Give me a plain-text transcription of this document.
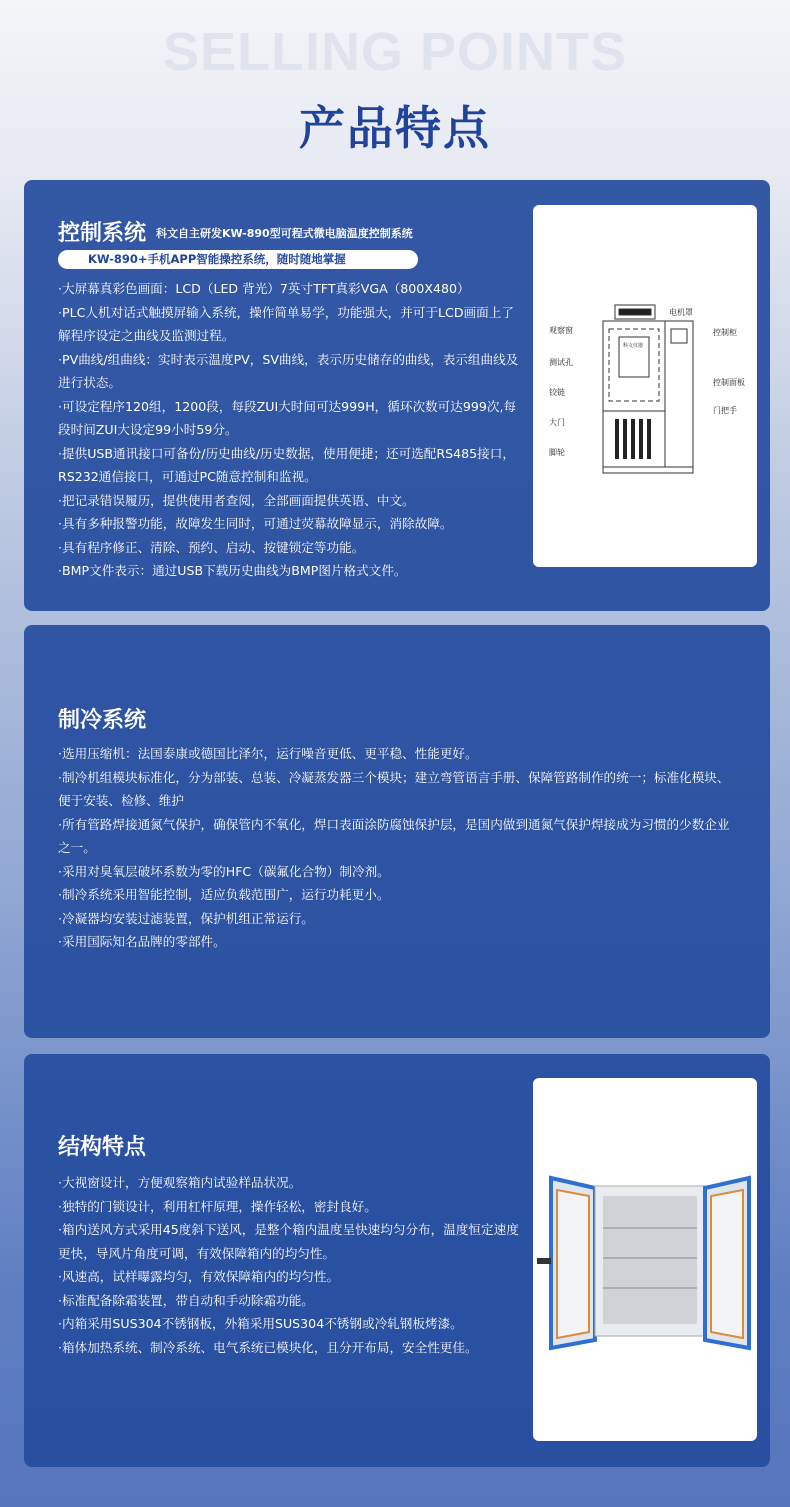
SELLING POINTS
产品特点
控制系统 $^{科文自主研发KW-890型可程式微电脑温度控制系统}$
KW-890+手机APP智能操控系统，随时随地掌握
·大屏幕真彩色画面：LCD（LED 背光）7英寸TFT真彩VGA（800X480）
·PLC人机对话式触摸屏输入系统，操作简单易学，功能强大，并可于LCD画面上了解程序设定之曲线及监测过程。
·PV曲线/组曲线：实时表示温度PV，SV曲线，表示历史储存的曲线，表示组曲线及进行状态。
·可设定程序120组，1200段，每段ZUI大时间可达999H，循环次数可达999次,每段时间ZUI大设定99小时59分。
·提供USB通讯接口可备份/历史曲线/历史数据，使用便捷；还可选配RS485接口，RS232通信接口，可通过PC随意控制和监视。
·把记录错误履历，提供使用者查阅，全部画面提供英语、中文。
·具有多种报警功能，故障发生同时，可通过荧幕故障显示，消除故障。
·具有程序修正、清除、预约、启动、按键锁定等功能。
·BMP文件表示：通过USB下载历史曲线为BMP图片格式文件。
电机罩
控制柜
观察窗
科文仪器
测试孔
铰链
控制面板
门把手
大门
脚轮
制冷系统
·选用压缩机：法国泰康或德国比泽尔，运行噪音更低、更平稳、性能更好。
·制冷机组模块标准化，分为部装、总装、冷凝蒸发器三个模块；建立弯管语言手册、保障管路制作的统一；标准化模块、便于安装、检修、维护
·所有管路焊接通氮气保护，确保管内不氧化，焊口表面涂防腐蚀保护层，是国内做到通氮气保护焊接成为习惯的少数企业之一。
·采用对臭氧层破坏系数为零的HFC（碳氟化合物）制冷剂。
·制冷系统采用智能控制，适应负载范围广，运行功耗更小。
·冷凝器均安装过滤装置，保护机组正常运行。
·采用国际知名品牌的零部件。
结构特点
·大视窗设计，方便观察箱内试验样品状况。
·独特的门锁设计，利用杠杆原理，操作轻松，密封良好。
·箱内送风方式采用45度斜下送风，是整个箱内温度呈快速均匀分布，温度恒定速度更快，导风片角度可调，有效保障箱内的均匀性。
·风速高，试样曝露均匀，有效保障箱内的均匀性。
·标准配备除霜装置，带自动和手动除霜功能。
·内箱采用SUS304不锈钢板，外箱采用SUS304不锈钢或冷轧钢板烤漆。
·箱体加热系统、制冷系统、电气系统已模块化，且分开布局，安全性更佳。
